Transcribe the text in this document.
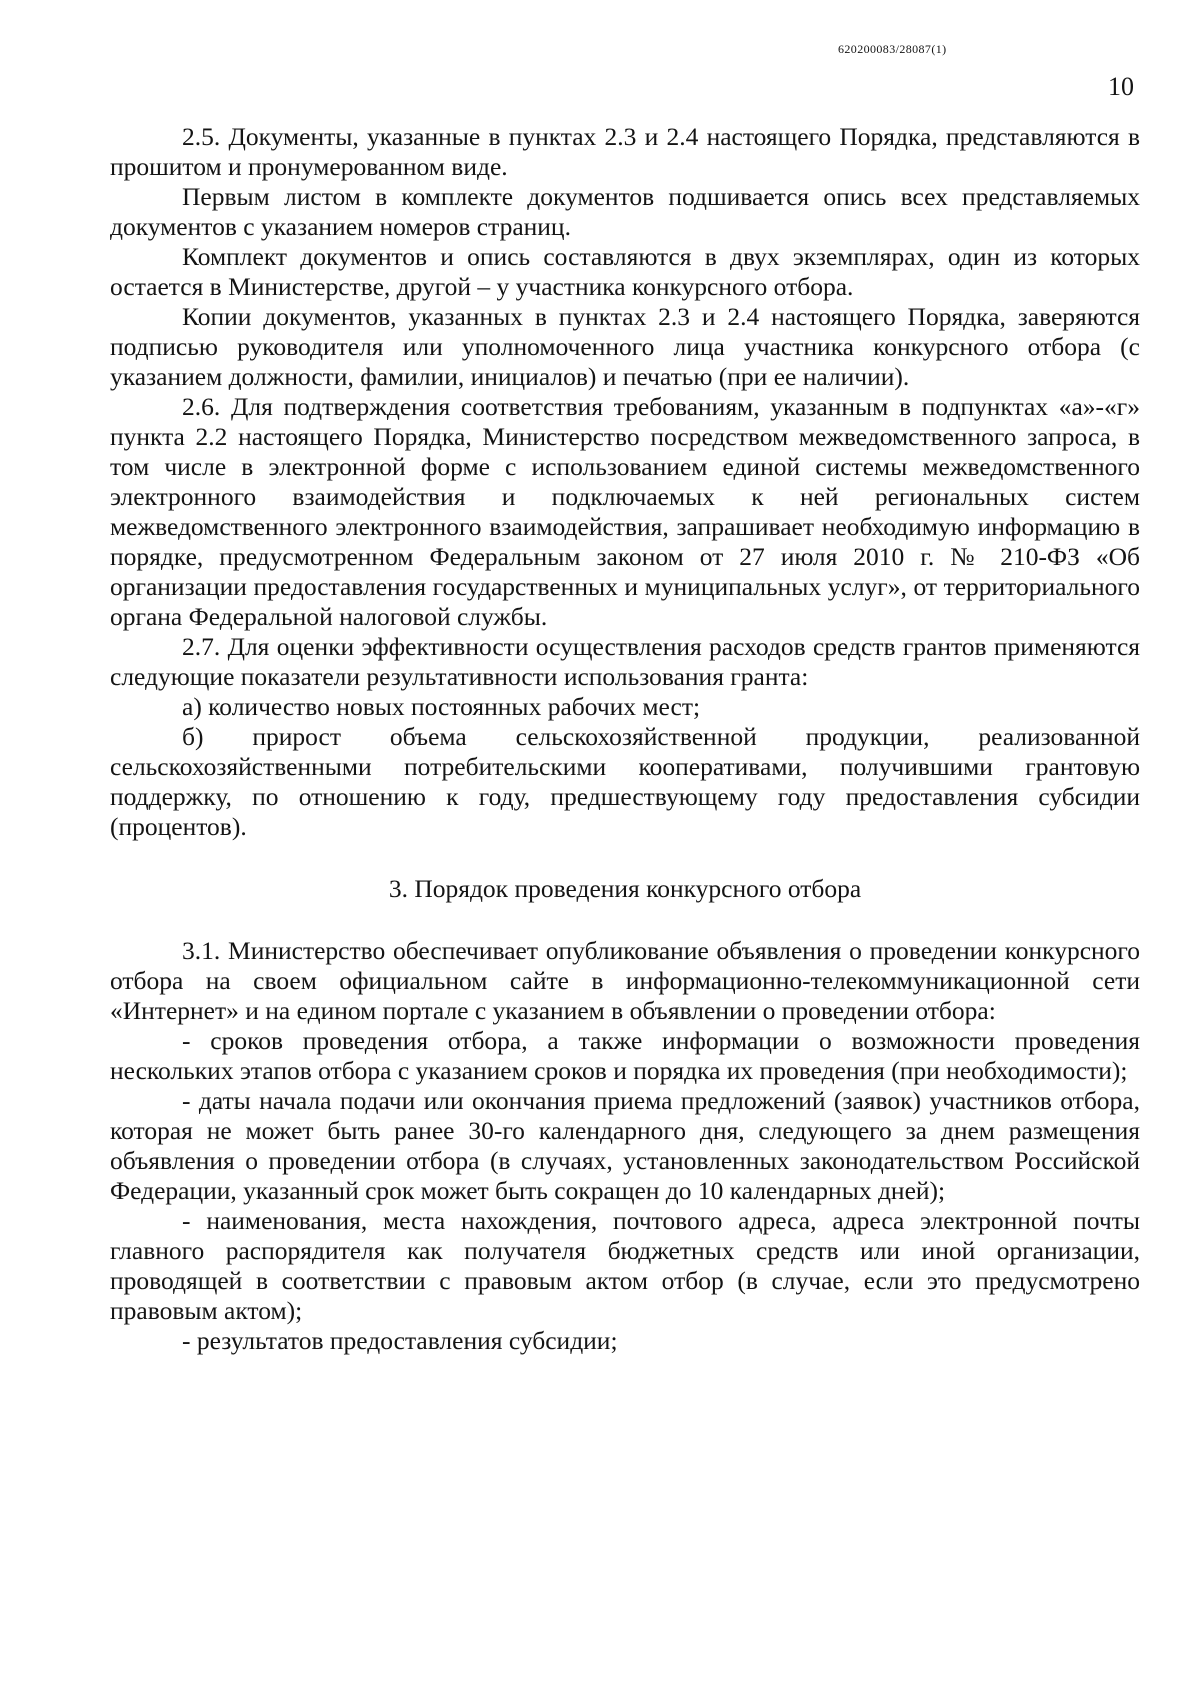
620200083/28087(1)
10

2.5. Документы, указанные в пунктах 2.3 и 2.4 настоящего Порядка, представляются в прошитом и пронумерованном виде.

Первым листом в комплекте документов подшивается опись всех представляемых документов с указанием номеров страниц.

Комплект документов и опись составляются в двух экземплярах, один из которых остается в Министерстве, другой – у участника конкурсного отбора.

Копии документов, указанных в пунктах 2.3 и 2.4 настоящего Порядка, заверяются подписью руководителя или уполномоченного лица участника конкурсного отбора (с указанием должности, фамилии, инициалов) и печатью (при ее наличии).

2.6. Для подтверждения соответствия требованиям, указанным в подпунктах «а»-«г» пункта 2.2 настоящего Порядка, Министерство посредством межведомственного запроса, в том числе в электронной форме с использованием единой системы межведомственного электронного взаимодействия и подключаемых к ней региональных систем межведомственного электронного взаимодействия, запрашивает необходимую информацию в порядке, предусмотренном Федеральным законом от 27 июля 2010 г. № 210-ФЗ «Об организации предоставления государственных и муниципальных услуг», от территориального органа Федеральной налоговой службы.

2.7. Для оценки эффективности осуществления расходов средств грантов применяются следующие показатели результативности использования гранта:

а) количество новых постоянных рабочих мест;

б) прирост объема сельскохозяйственной продукции, реализованной сельскохозяйственными потребительскими кооперативами, получившими грантовую поддержку, по отношению к году, предшествующему году предоставления субсидии (процентов).

3. Порядок проведения конкурсного отбора

3.1. Министерство обеспечивает опубликование объявления о проведении конкурсного отбора на своем официальном сайте в информационно-телекоммуникационной сети «Интернет» и на едином портале с указанием в объявлении о проведении отбора:

- сроков проведения отбора, а также информации о возможности проведения нескольких этапов отбора с указанием сроков и порядка их проведения (при необходимости);

- даты начала подачи или окончания приема предложений (заявок) участников отбора, которая не может быть ранее 30-го календарного дня, следующего за днем размещения объявления о проведении отбора (в случаях, установленных законодательством Российской Федерации, указанный срок может быть сокращен до 10 календарных дней);

- наименования, места нахождения, почтового адреса, адреса электронной почты главного распорядителя как получателя бюджетных средств или иной организации, проводящей в соответствии с правовым актом отбор (в случае, если это предусмотрено правовым актом);

- результатов предоставления субсидии;
